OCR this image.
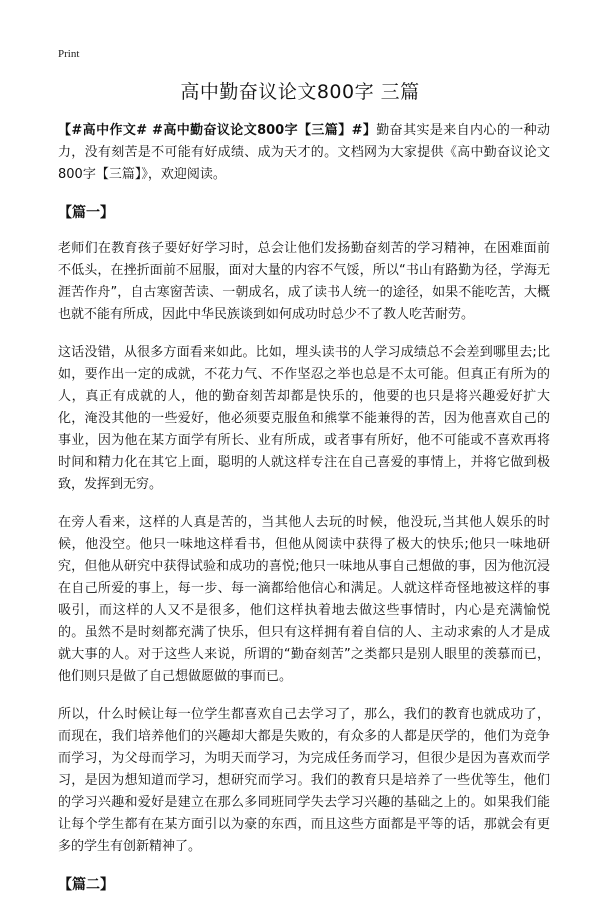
Print
高中勤奋议论文800字 三篇

【#高中作文# #高中勤奋议论文800字【三篇】#】勤奋其实是来自内心的一种动力，没有刻苦是不可能有好成绩、成为天才的。文档网为大家提供《高中勤奋议论文800字【三篇】》，欢迎阅读。

【篇一】

老师们在教育孩子要好好学习时，总会让他们发扬勤奋刻苦的学习精神，在困难面前不低头，在挫折面前不屈服，面对大量的内容不气馁，所以“书山有路勤为径，学海无涯苦作舟”，自古寒窗苦读、一朝成名，成了读书人统一的途径，如果不能吃苦，大概也就不能有所成，因此中华民族谈到如何成功时总少不了教人吃苦耐劳。

这话没错，从很多方面看来如此。比如，埋头读书的人学习成绩总不会差到哪里去;比如，要作出一定的成就，不花力气、不作坚忍之举也总是不太可能。但真正有所为的人，真正有成就的人，他的勤奋刻苦却都是快乐的，他要的也只是将兴趣爱好扩大化，淹没其他的一些爱好，他必须要克服鱼和熊掌不能兼得的苦，因为他喜欢自己的事业，因为他在某方面学有所长、业有所成，或者事有所好，他不可能或不喜欢再将时间和精力化在其它上面，聪明的人就这样专注在自己喜爱的事情上，并将它做到极致，发挥到无穷。

在旁人看来，这样的人真是苦的，当其他人去玩的时候，他没玩,当其他人娱乐的时候，他没空。他只一味地这样看书，但他从阅读中获得了极大的快乐;他只一味地研究，但他从研究中获得试验和成功的喜悦;他只一味地从事自己想做的事，因为他沉浸在自己所爱的事上，每一步、每一滴都给他信心和满足。人就这样奇怪地被这样的事吸引，而这样的人又不是很多，他们这样执着地去做这些事情时，内心是充满愉悦的。虽然不是时刻都充满了快乐，但只有这样拥有着自信的人、主动求索的人才是成就大事的人。对于这些人来说，所谓的“勤奋刻苦”之类都只是别人眼里的羡慕而已，他们则只是做了自己想做愿做的事而已。

所以，什么时候让每一位学生都喜欢自己去学习了，那么，我们的教育也就成功了，而现在，我们培养他们的兴趣却大都是失败的，有众多的人都是厌学的，他们为竞争而学习，为父母而学习，为明天而学习，为完成任务而学习，但很少是因为喜欢而学习，是因为想知道而学习，想研究而学习。我们的教育只是培养了一些优等生，他们的学习兴趣和爱好是建立在那么多同班同学失去学习兴趣的基础之上的。如果我们能让每个学生都有在某方面引以为豪的东西，而且这些方面都是平等的话，那就会有更多的学生有创新精神了。

【篇二】
